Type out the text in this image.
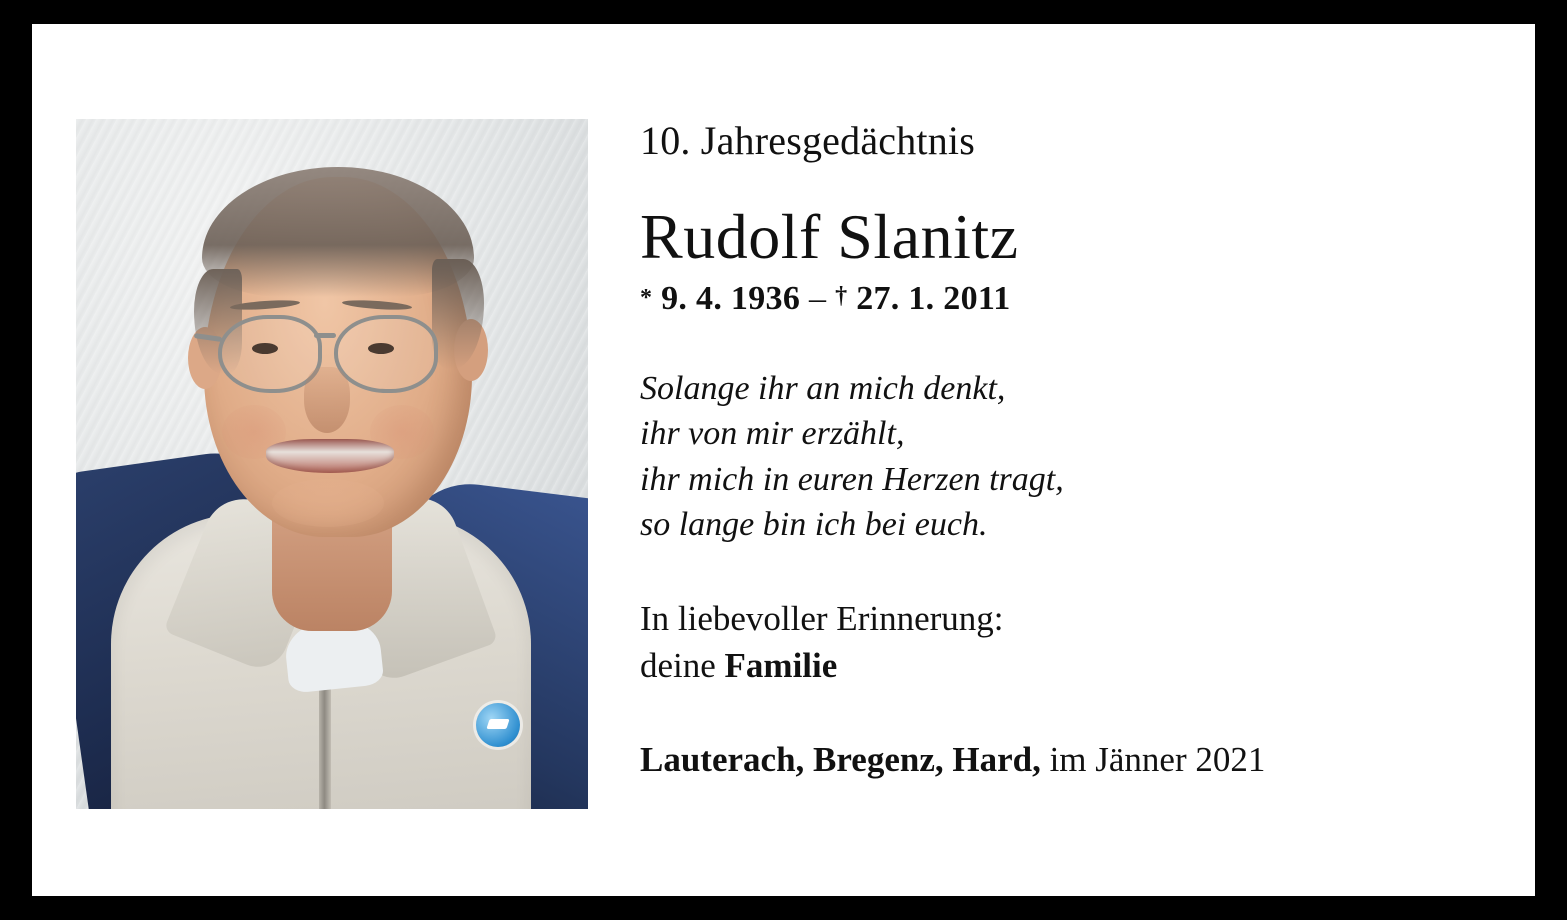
10. Jahresgedächtnis
Rudolf Slanitz
* 9. 4. 1936 – † 27. 1. 2011
Solange ihr an mich denkt,
ihr von mir erzählt,
ihr mich in euren Herzen tragt,
so lange bin ich bei euch.
In liebevoller Erinnerung:
deine Familie
Lauterach, Bregenz, Hard, im Jänner 2021
